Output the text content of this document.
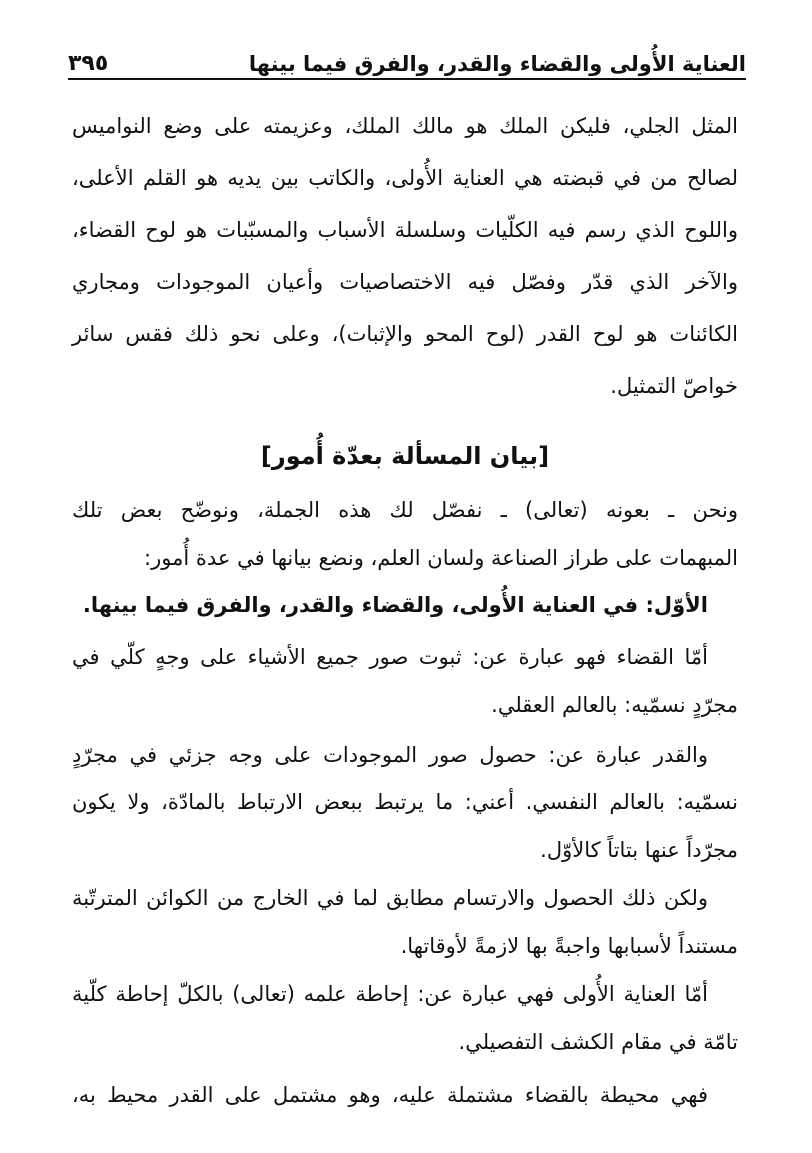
العناية الأُولى والقضاء والقدر، والفرق فيما بينها
٣٩٥
المثل الجلي، فليكن الملك هو مالك الملك، وعزيمته على وضع النواميس
لصالح من في قبضته هي العناية الأُولى، والكاتب بين يديه هو القلم الأعلى،
واللوح الذي رسم فيه الكلّيات وسلسلة الأسباب والمسبّبات هو لوح القضاء،
والآخر الذي قدّر وفصّل فيه الاختصاصيات وأعيان الموجودات ومجاري
الكائنات هو لوح القدر (لوح المحو والإثبات)، وعلى نحو ذلك فقس سائر
خواصّ التمثيل.
[بيان المسألة بعدّة أُمور]
ونحن ـ بعونه (تعالى) ـ نفصّل لك هذه الجملة، ونوضّح بعض تلك
المبهمات على طراز الصناعة ولسان العلم، ونضع بيانها في عدة أُمور:
الأوّل: في العناية الأُولى، والقضاء والقدر، والفرق فيما بينها.
أمّا القضاء فهو عبارة عن: ثبوت صور جميع الأشياء على وجهٍ كلّي في
مجرّدٍ نسمّيه: بالعالم العقلي.
والقدر عبارة عن: حصول صور الموجودات على وجه جزئي في مجرّدٍ
نسمّيه: بالعالم النفسي. أعني: ما يرتبط ببعض الارتباط بالمادّة، ولا يكون
مجرّداً عنها بتاتاً كالأوّل.
ولكن ذلك الحصول والارتسام مطابق لما في الخارج من الكوائن المترتّبة
مستنداً لأسبابها واجبةً بها لازمةً لأوقاتها.
أمّا العناية الأُولى فهي عبارة عن: إحاطة علمه (تعالى) بالكلّ إحاطة كلّية
تامّة في مقام الكشف التفصيلي.
فهي محيطة بالقضاء مشتملة عليه، وهو مشتمل على القدر محيط به،
